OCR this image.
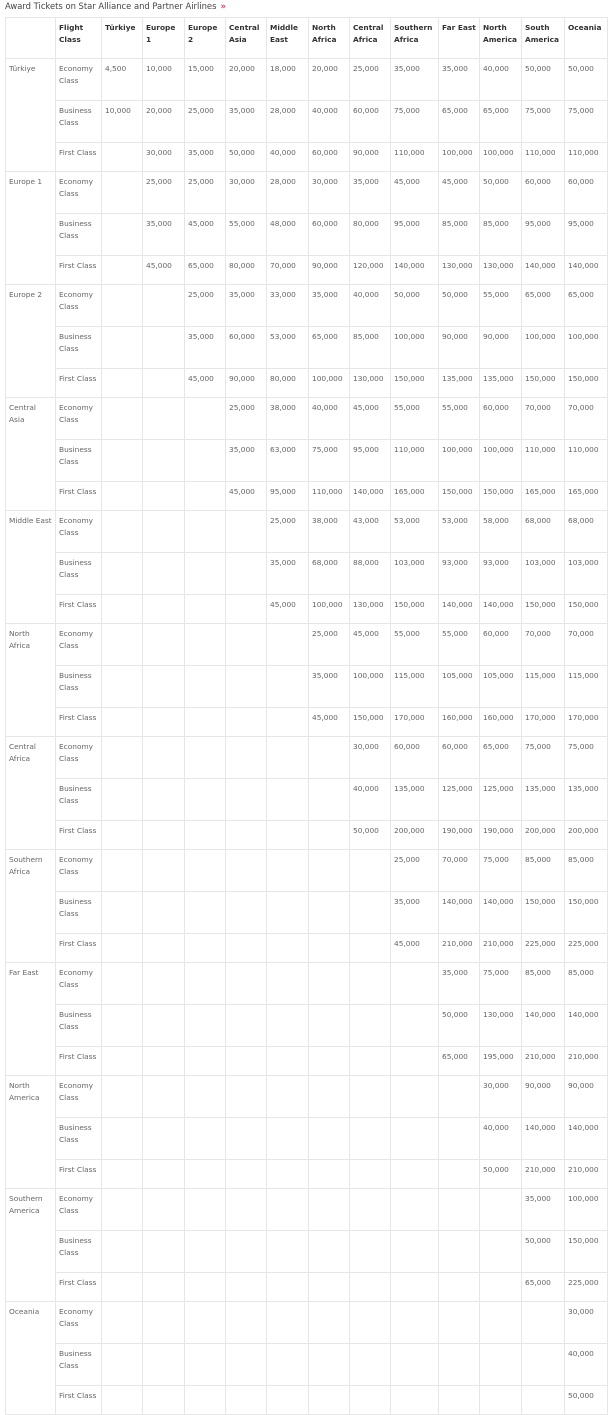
Award Tickets on Star Alliance and Partner Airlines »
	Flight Class	Türkiye	Europe 1	Europe 2	Central Asia	Middle East	North Africa	Central Africa	Southern Africa	Far East	North America	South America	Oceania
Türkiye	Economy Class	4,500	10,000	15,000	20,000	18,000	20,000	25,000	35,000	35,000	40,000	50,000	50,000
	Business Class	10,000	20,000	25,000	35,000	28,000	40,000	60,000	75,000	65,000	65,000	75,000	75,000
	First Class		30,000	35,000	50,000	40,000	60,000	90,000	110,000	100,000	100,000	110,000	110,000
Europe 1	Economy Class		25,000	25,000	30,000	28,000	30,000	35,000	45,000	45,000	50,000	60,000	60,000
	Business Class		35,000	45,000	55,000	48,000	60,000	80,000	95,000	85,000	85,000	95,000	95,000
	First Class		45,000	65,000	80,000	70,000	90,000	120,000	140,000	130,000	130,000	140,000	140,000
Europe 2	Economy Class			25,000	35,000	33,000	35,000	40,000	50,000	50,000	55,000	65,000	65,000
	Business Class			35,000	60,000	53,000	65,000	85,000	100,000	90,000	90,000	100,000	100,000
	First Class			45,000	90,000	80,000	100,000	130,000	150,000	135,000	135,000	150,000	150,000
Central Asia	Economy Class				25,000	38,000	40,000	45,000	55,000	55,000	60,000	70,000	70,000
	Business Class				35,000	63,000	75,000	95,000	110,000	100,000	100,000	110,000	110,000
	First Class				45,000	95,000	110,000	140,000	165,000	150,000	150,000	165,000	165,000
Middle East	Economy Class					25,000	38,000	43,000	53,000	53,000	58,000	68,000	68,000
	Business Class					35,000	68,000	88,000	103,000	93,000	93,000	103,000	103,000
	First Class					45,000	100,000	130,000	150,000	140,000	140,000	150,000	150,000
North Africa	Economy Class						25,000	45,000	55,000	55,000	60,000	70,000	70,000
	Business Class						35,000	100,000	115,000	105,000	105,000	115,000	115,000
	First Class						45,000	150,000	170,000	160,000	160,000	170,000	170,000
Central Africa	Economy Class							30,000	60,000	60,000	65,000	75,000	75,000
	Business Class							40,000	135,000	125,000	125,000	135,000	135,000
	First Class							50,000	200,000	190,000	190,000	200,000	200,000
Southern Africa	Economy Class								25,000	70,000	75,000	85,000	85,000
	Business Class								35,000	140,000	140,000	150,000	150,000
	First Class								45,000	210,000	210,000	225,000	225,000
Far East	Economy Class									35,000	75,000	85,000	85,000
	Business Class									50,000	130,000	140,000	140,000
	First Class									65,000	195,000	210,000	210,000
North America	Economy Class										30,000	90,000	90,000
	Business Class										40,000	140,000	140,000
	First Class										50,000	210,000	210,000
Southern America	Economy Class											35,000	100,000
	Business Class											50,000	150,000
	First Class											65,000	225,000
Oceania	Economy Class												30,000
	Business Class												40,000
	First Class												50,000
